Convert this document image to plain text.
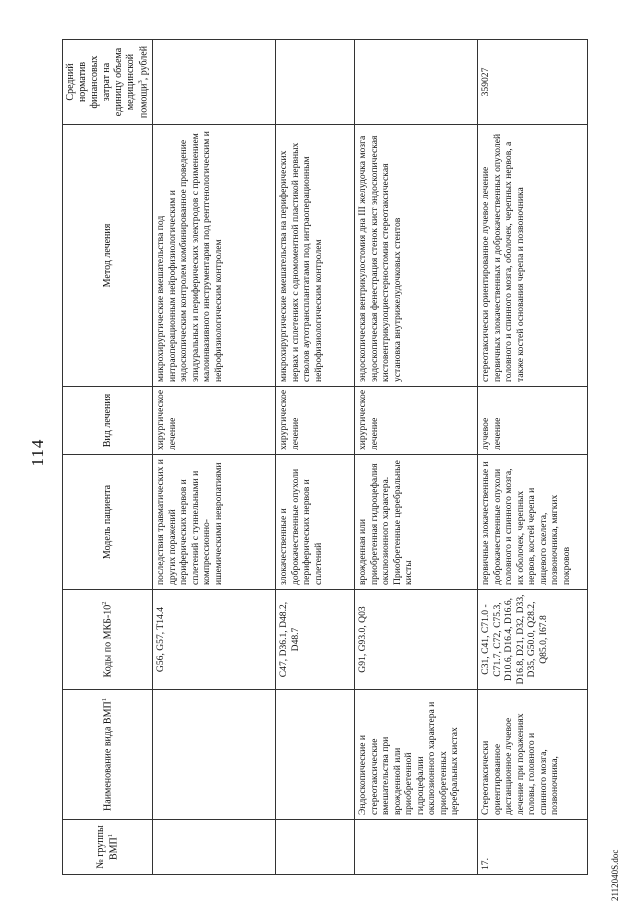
114
№ группы ВМП$^1$	Наименование вида ВМП$^1$	Коды по МКБ-$10^2$	Модель пациента	Вид лечения	Метод лечения	Средний норматив финансовых затрат на единицу объема медицинской помощи$^3$, рублей
		G56, G57, T14.4	последствия травматических и других поражений периферических нервов и сплетений с туннельными и компрессионно-ишемическими невропатиями	хирургическое лечение	микрохирургические вмешательства под интраоперационным нейрофизиологическим и эндоскопическим контролем комбинированное проведение эпидуральных и периферических электродов с применением малоинвазивного инструментария под рентгенологическим и нейрофизиологическим контролем	
		C47, D36.1, D48.2, D48.7	злокачественные и доброкачественные опухоли периферических нервов и сплетений	хирургическое лечение	микрохирургические вмешательства на периферических нервах и сплетениях с одномоментной пластикой нервных стволов аутотрансплантатами под интраоперационным нейрофизиологическим контролем	
	Эндоскопические и стереотаксические вмешательства при врожденной или приобретенной гидроцефалии окклюзионного характера и приобретенных церебральных кистах	G91, G93.0, Q03	врожденная или приобретенная гидроцефалия окклюзионного характера. Приобретенные церебральные кисты	хирургическое лечение	эндоскопическая вентрикулостомия дна III желудочка мозга эндоскопическая фенестрация стенок кист эндоскопическая кистовентрикулоциестерностомия стереотаксическая установка внутрижелудочковых стентов	
17.	Стереотаксически ориентированное дистанционное лучевое лечение при поражениях головы, головного и спинного мозга, позвоночника,	C31, C41, C71.0 - C71.7, C72, C75.3, D10.6, D16.4, D16.6, D16.8, D21, D32, D33, D35, G50.0, Q28.2, Q85.0, I67.8	первичные злокачественные и доброкачественные опухоли головного и спинного мозга, их оболочек, черепных нервов, костей черепа и лицевого скелета, позвоночника, мягких покровов	лучевое лечение	стереотаксически ориентированное лучевое лечение первичных злокачественных и доброкачественных опухолей головного и спинного мозга, оболочек, черепных нервов, а также костей основания черепа и позвоночника	359027
2112040S.doc
